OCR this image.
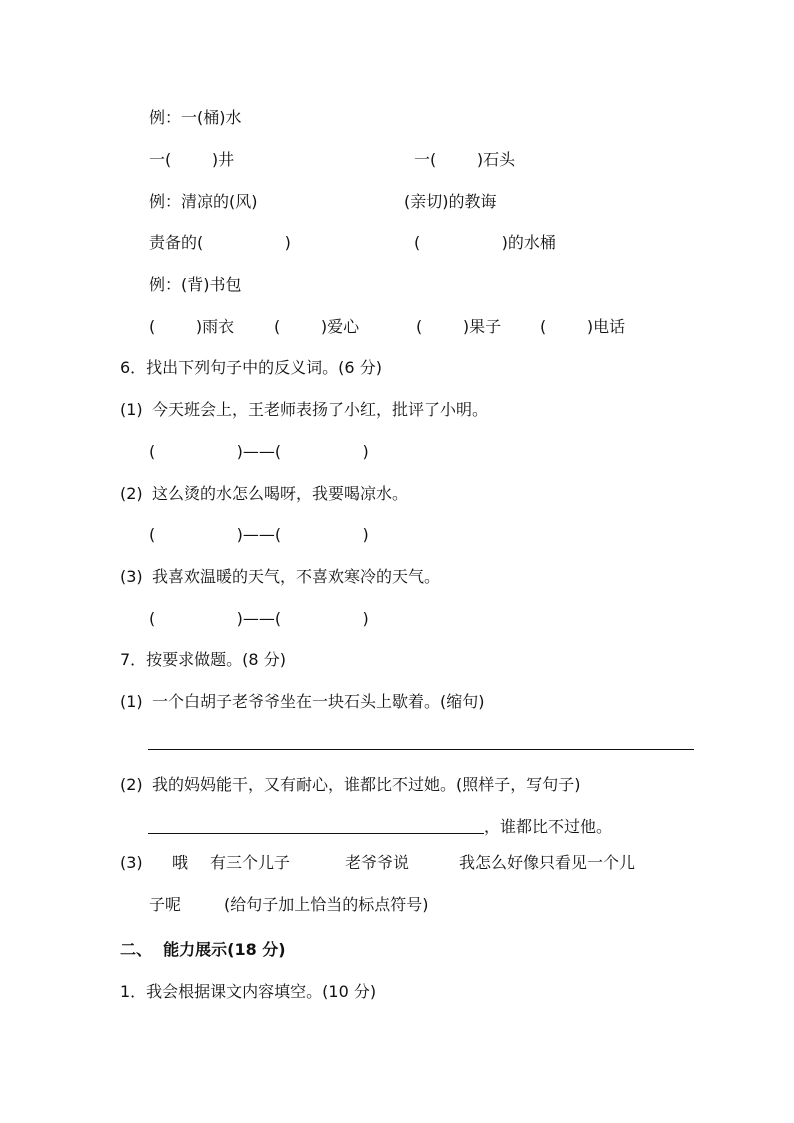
例：一(桶)水
一(        )井	一(        )石头
例：清凉的(风)	(亲切)的教诲
责备的(                )	(                )的水桶
例：(背)书包
(        )雨衣 (        )爱心	(        )果子 (        )电话
6．找出下列句子中的反义词。(6 分)
(1) 今天班会上，王老师表扬了小红，批评了小明。
(                )——(                )
(2) 这么烫的水怎么喝呀，我要喝凉水。
(                )——(                )
(3) 我喜欢温暖的天气，不喜欢寒冷的天气。
(                )——(                )
7．按要求做题。(8 分)
(1) 一个白胡子老爷爷坐在一块石头上歇着。(缩句)
(2) 我的妈妈能干，又有耐心，谁都比不过她。(照样子，写句子)
，谁都比不过他。
(3) 哦 有三个儿子	老爷爷说	我怎么好像只看见一个儿
子呢	(给句子加上恰当的标点符号)
二、  能力展示(18 分)
1．我会根据课文内容填空。(10 分)
